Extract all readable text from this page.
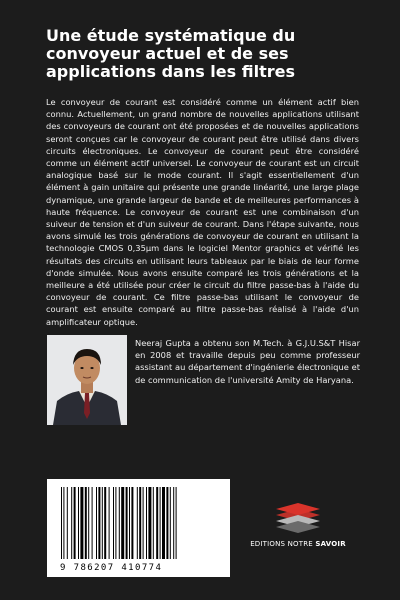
Une étude systématique du
convoyeur actuel et de ses
applications dans les filtres

Le convoyeur de courant est considéré comme un élément actif bien connu. Actuellement, un grand nombre de nouvelles applications utilisant des convoyeurs de courant ont été proposées et de nouvelles applications seront conçues car le convoyeur de courant peut être utilisé dans divers circuits électroniques. Le convoyeur de courant peut être considéré comme un élément actif universel. Le convoyeur de courant est un circuit analogique basé sur le mode courant. Il s'agit essentiellement d'un élément à gain unitaire qui présente une grande linéarité, une large plage dynamique, une grande largeur de bande et de meilleures performances à haute fréquence. Le convoyeur de courant est une combinaison d'un suiveur de tension et d'un suiveur de courant. Dans l'étape suivante, nous avons simulé les trois générations de convoyeur de courant en utilisant la technologie CMOS 0,35µm dans le logiciel Mentor graphics et vérifié les résultats des circuits en utilisant leurs tableaux par le biais de leur forme d'onde simulée. Nous avons ensuite comparé les trois générations et la meilleure a été utilisée pour créer le circuit du filtre passe-bas à l'aide du convoyeur de courant. Ce filtre passe-bas utilisant le convoyeur de courant est ensuite comparé au filtre passe-bas réalisé à l'aide d'un amplificateur optique.

Neeraj Gupta a obtenu son M.Tech. à G.J.U.S&T Hisar en 2008 et travaille depuis peu comme professeur assistant au département d'ingénierie électronique et de communication de l'université Amity de Haryana.

9 786207 410774
EDITIONS NOTRE SAVOIR
